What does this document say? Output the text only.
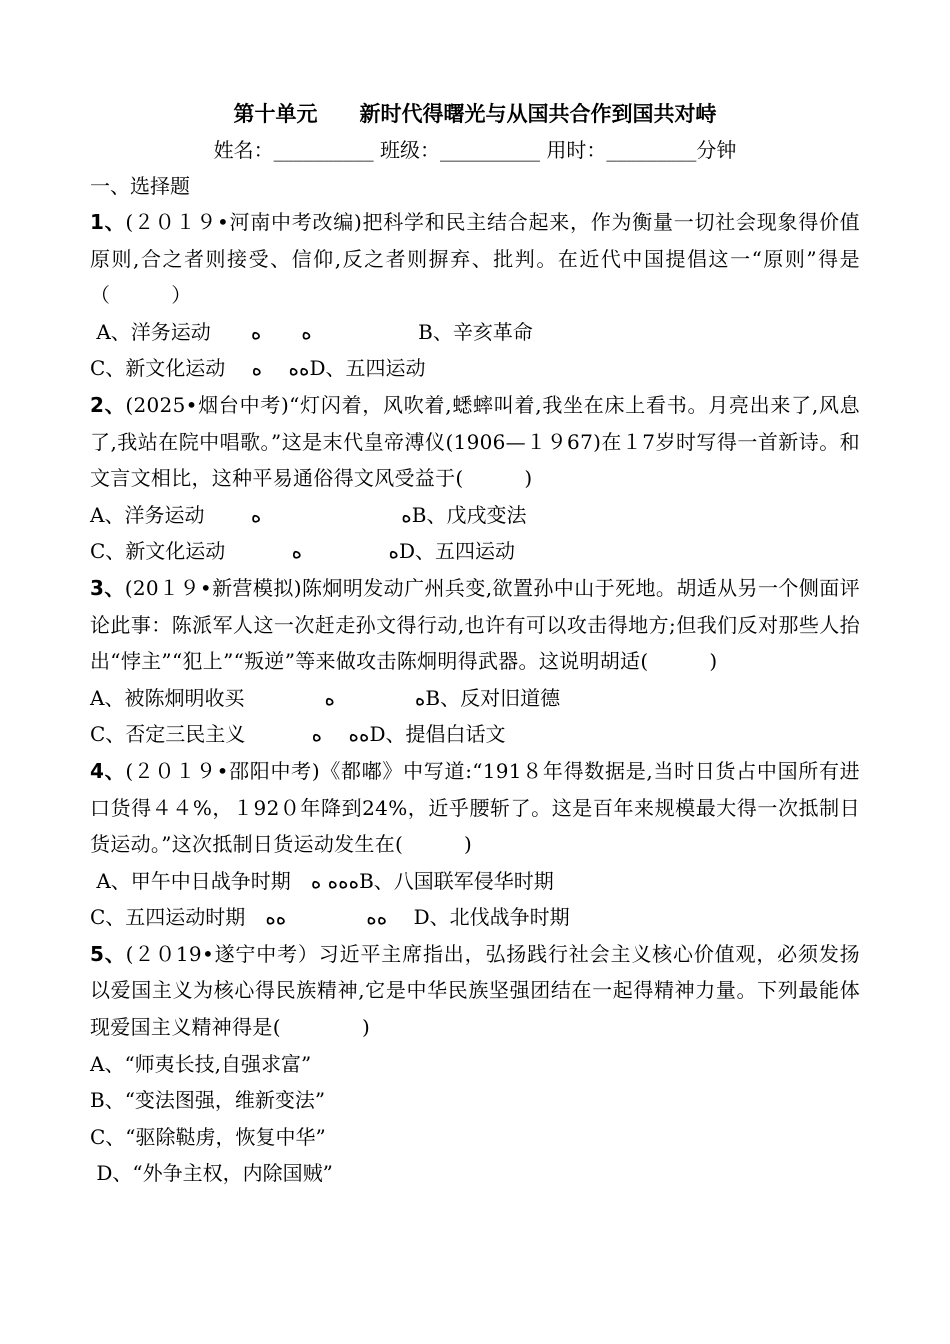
第十单元　　新时代得曙光与从国共合作到国共对峙
姓名：__________ 班级：__________ 用时：_________分钟
一、选择题

1、(２０１９•河南中考改编)把科学和民主结合起来，作为衡量一切社会现象得价值原则,合之者则接受、信仰,反之者则摒弃、批判。在近代中国提倡这一“原则”得是（　　　）

A、洋务运动　　ﻩ　　ﻩ　　　　　 B、辛亥革命

C、新文化运动　 ﻩﻩ　 ﻩD、五四运动

2、(2025•烟台中考)“灯闪着，风吹着,蟋蟀叫着,我坐在床上看书。月亮出来了,风息了,我站在院中唱歌。”这是末代皇帝溥仪(1906—１９67)在１7岁时写得一首新诗。和文言文相比，这种平易通俗得文风受益于(　　　)

A、洋务运动　　 ﻩ　　　　　　　ﻩB、戊戌变法

C、新文化运动　　　 ﻩ　　　　 ﻩD、五四运动

3、(20１９•新营模拟)陈炯明发动广州兵变,欲置孙中山于死地。胡适从另一个侧面评论此事：陈派军人这一次赶走孙文得行动,也许有可以攻击得地方;但我们反对那些人抬出“悖主”“犯上”“叛逆”等来做攻击陈炯明得武器。这说明胡适(　　　)

A、被陈炯明收买　　　　ﻩ　　　　ﻩB、反对旧道德

C、否定三民主义　　　 ﻩﻩ　 ﻩD、提倡白话文

4、(２０１９•邵阳中考)《都嘟》中写道:“191８年得数据是,当时日货占中国所有进口货得４４%，１92０年降到24%，近乎腰斩了。这是百年来规模最大得一次抵制日货运动。”这次抵制日货运动发生在(　　　)

A、甲午中日战争时期　ﻩﻩﻩ ﻩB、八国联军侵华时期

C、五四运动时期　ﻩﻩ　　　　ﻩﻩ　 D、北伐战争时期

5、(２０19•遂宁中考）习近平主席指出，弘扬践行社会主义核心价值观，必须发扬以爱国主义为核心得民族精神,它是中华民族坚强团结在一起得精神力量。下列最能体现爱国主义精神得是(　　　　)

A、“师夷长技,自强求富”

B、“变法图强，维新变法”

C、“驱除鞑虏，恢复中华”

D、“外争主权，内除国贼”
